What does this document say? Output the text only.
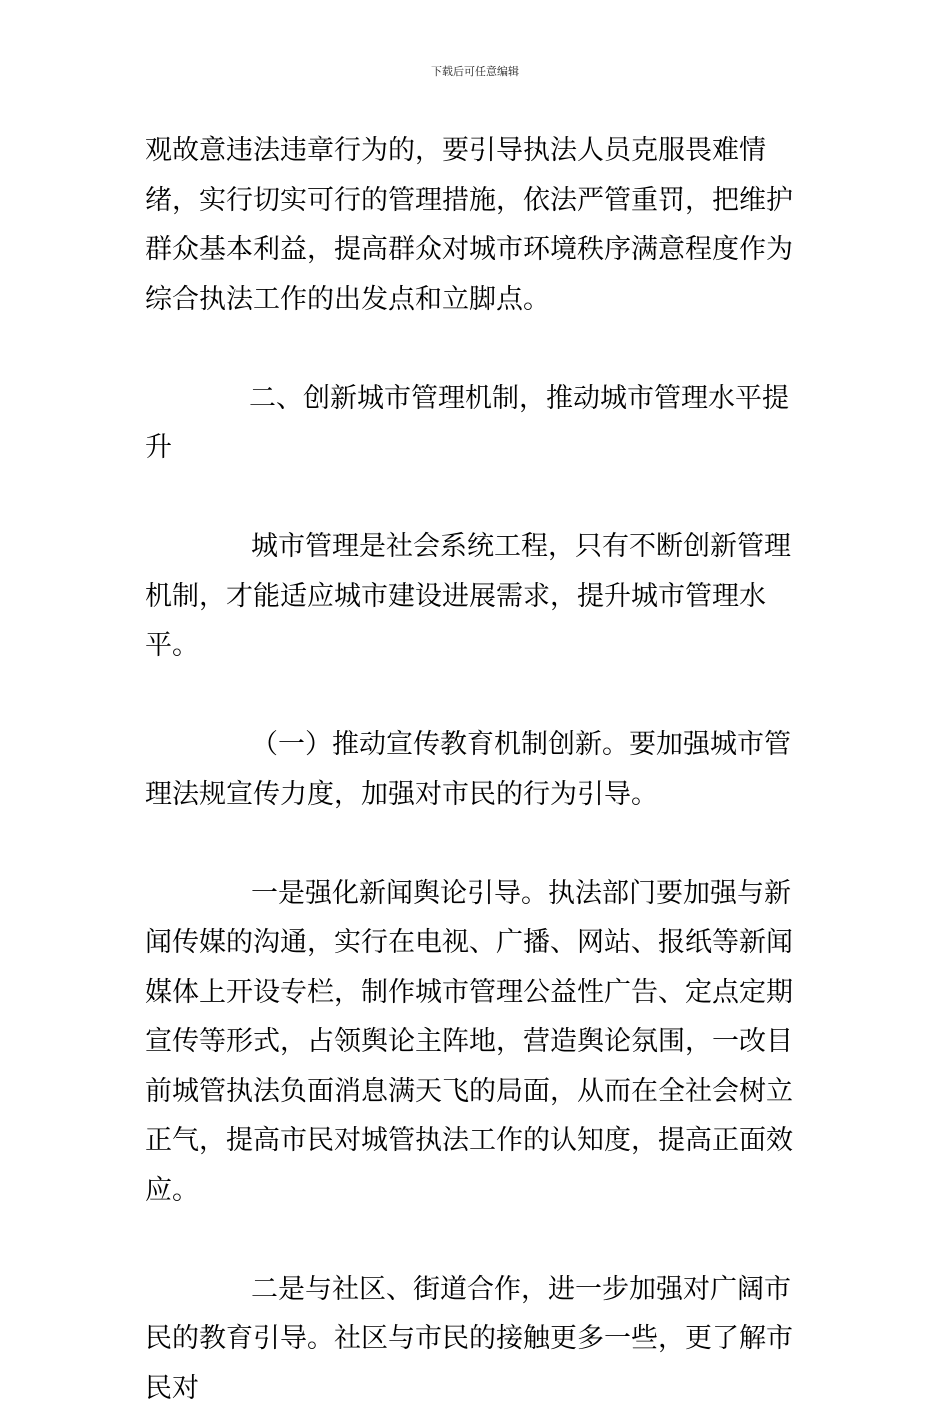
下载后可任意编辑

观故意违法违章行为的，要引导执法人员克服畏难情绪，实行切实可行的管理措施，依法严管重罚，把维护群众基本利益，提高群众对城市环境秩序满意程度作为综合执法工作的出发点和立脚点。

二、创新城市管理机制，推动城市管理水平提升

城市管理是社会系统工程，只有不断创新管理机制，才能适应城市建设进展需求，提升城市管理水平。

（一）推动宣传教育机制创新。要加强城市管理法规宣传力度，加强对市民的行为引导。

一是强化新闻舆论引导。执法部门要加强与新闻传媒的沟通，实行在电视、广播、网站、报纸等新闻媒体上开设专栏，制作城市管理公益性广告、定点定期宣传等形式，占领舆论主阵地，营造舆论氛围，一改目前城管执法负面消息满天飞的局面，从而在全社会树立正气，提高市民对城管执法工作的认知度，提高正面效应。

二是与社区、街道合作，进一步加强对广阔市民的教育引导。社区与市民的接触更多一些，更了解市民对
